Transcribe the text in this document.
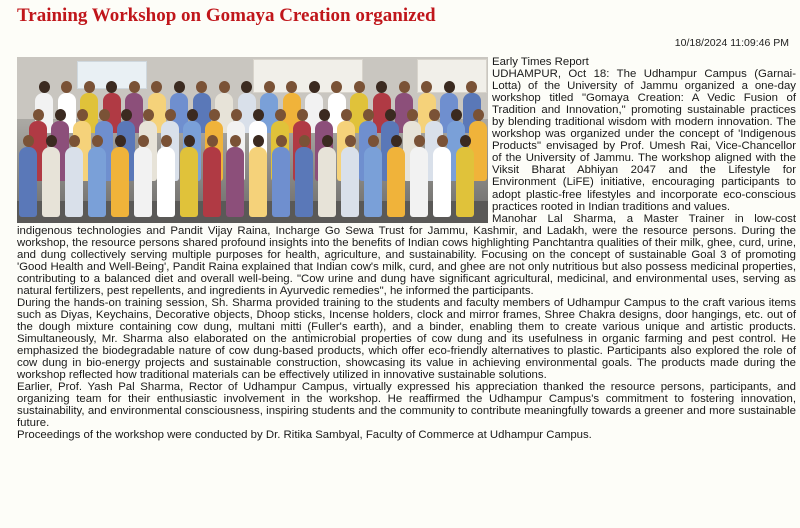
Training Workshop on Gomaya Creation organized
10/18/2024 11:09:46 PM

Early Times Report

UDHAMPUR, Oct 18: The Udhampur Campus (Garnai-Lotta) of the University of Jammu organized a one-day workshop titled "Gomaya Creation: A Vedic Fusion of Tradition and Innovation," promoting sustainable practices by blending traditional wisdom with modern innovation. The workshop was organized under the concept of 'Indigenous Products" envisaged by Prof. Umesh Rai, Vice-Chancellor of the University of Jammu. The workshop aligned with the Viksit Bharat Abhiyan 2047 and the Lifestyle for Environment (LiFE) initiative, encouraging participants to adopt plastic-free lifestyles and incorporate eco-conscious practices rooted in Indian traditions and values.

Manohar Lal Sharma, a Master Trainer in low-cost indigenous technologies and Pandit Vijay Raina, Incharge Go Sewa Trust for Jammu, Kashmir, and Ladakh, were the resource persons. During the workshop, the resource persons shared profound insights into the benefits of Indian cows highlighting Panchtantra qualities of their milk, ghee, curd, urine, and dung collectively serving multiple purposes for health, agriculture, and sustainability. Focusing on the concept of sustainable Goal 3 of promoting 'Good Health and Well-Being', Pandit Raina explained that Indian cow's milk, curd, and ghee are not only nutritious but also possess medicinal properties, contributing to a balanced diet and overall well-being. "Cow urine and dung have significant agricultural, medicinal, and environmental uses, serving as natural fertilizers, pest repellents, and ingredients in Ayurvedic remedies", he informed the participants.

During the hands-on training session, Sh. Sharma provided training to the students and faculty members of Udhampur Campus to the craft various items such as Diyas, Keychains, Decorative objects, Dhoop sticks, Incense holders, clock and mirror frames, Shree Chakra designs, door hangings, etc. out of the dough mixture containing cow dung, multani mitti (Fuller's earth), and a binder, enabling them to create various unique and artistic products. Simultaneously, Mr. Sharma also elaborated on the antimicrobial properties of cow dung and its usefulness in organic farming and pest control. He emphasized the biodegradable nature of cow dung-based products, which offer eco-friendly alternatives to plastic. Participants also explored the role of cow dung in bio-energy projects and sustainable construction, showcasing its value in achieving environmental goals. The products made during the workshop reflected how traditional materials can be effectively utilized in innovative sustainable solutions.

Earlier, Prof. Yash Pal Sharma, Rector of Udhampur Campus, virtually expressed his appreciation thanked the resource persons, participants, and organizing team for their enthusiastic involvement in the workshop. He reaffirmed the Udhampur Campus's commitment to fostering innovation, sustainability, and environmental consciousness, inspiring students and the community to contribute meaningfully towards a greener and more sustainable future.

Proceedings of the workshop were conducted by Dr. Ritika Sambyal, Faculty of Commerce at Udhampur Campus.
